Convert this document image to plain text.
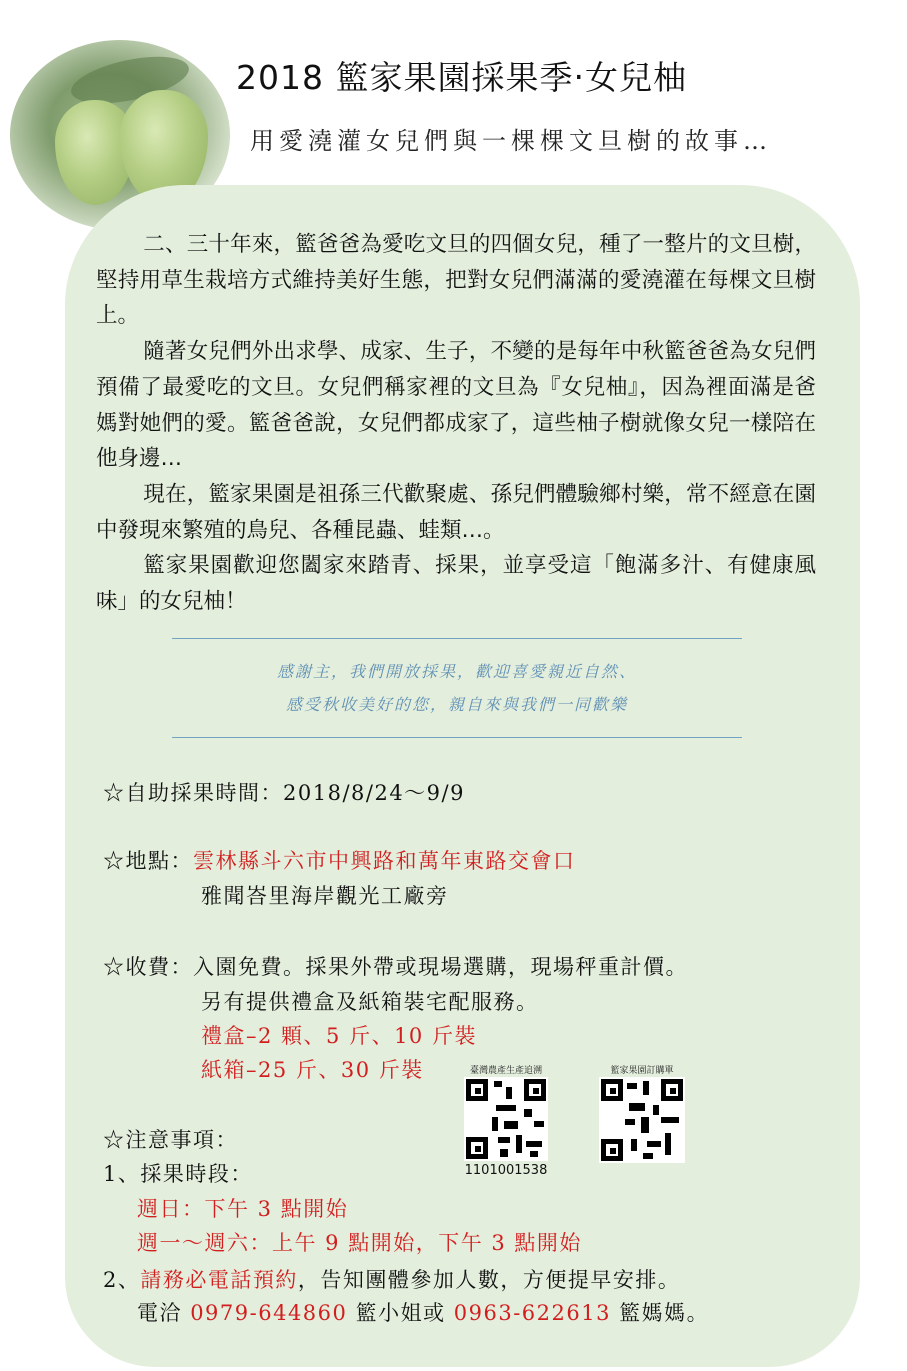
2018 籃家果園採果季‧女兒柚
用愛澆灌女兒們與一棵棵文旦樹的故事…

二、三十年來，籃爸爸為愛吃文旦的四個女兒，種了一整片的文旦樹，堅持用草生栽培方式維持美好生態，把對女兒們滿滿的愛澆灌在每棵文旦樹上。

隨著女兒們外出求學、成家、生子，不變的是每年中秋籃爸爸為女兒們預備了最愛吃的文旦。女兒們稱家裡的文旦為『女兒柚』，因為裡面滿是爸媽對她們的愛。籃爸爸說，女兒們都成家了，這些柚子樹就像女兒一樣陪在他身邊…

現在，籃家果園是祖孫三代歡聚處、孫兒們體驗鄉村樂，常不經意在園中發現來繁殖的鳥兒、各種昆蟲、蛙類…。

籃家果園歡迎您闔家來踏青、採果，並享受這「飽滿多汁、有健康風味」的女兒柚！

感謝主，我們開放採果，歡迎喜愛親近自然、
感受秋收美好的您，親自來與我們一同歡樂
☆自助採果時間：2018/8/24～9/9
☆地點：雲林縣斗六市中興路和萬年東路交會口
雅聞峇里海岸觀光工廠旁
☆收費：入園免費。採果外帶或現場選購，現場秤重計價。
另有提供禮盒及紙箱裝宅配服務。
禮盒–2 顆、5 斤、10 斤裝
紙箱–25 斤、30 斤裝	臺灣農產生產追溯
1101001538
籃家果園訂購單
☆注意事項：
1、採果時段：
週日：下午 3 點開始
週一～週六：上午 9 點開始，下午 3 點開始
2、請務必電話預約，告知團體參加人數，方便提早安排。
電洽 0979-644860 籃小姐或 0963-622613 籃媽媽。
